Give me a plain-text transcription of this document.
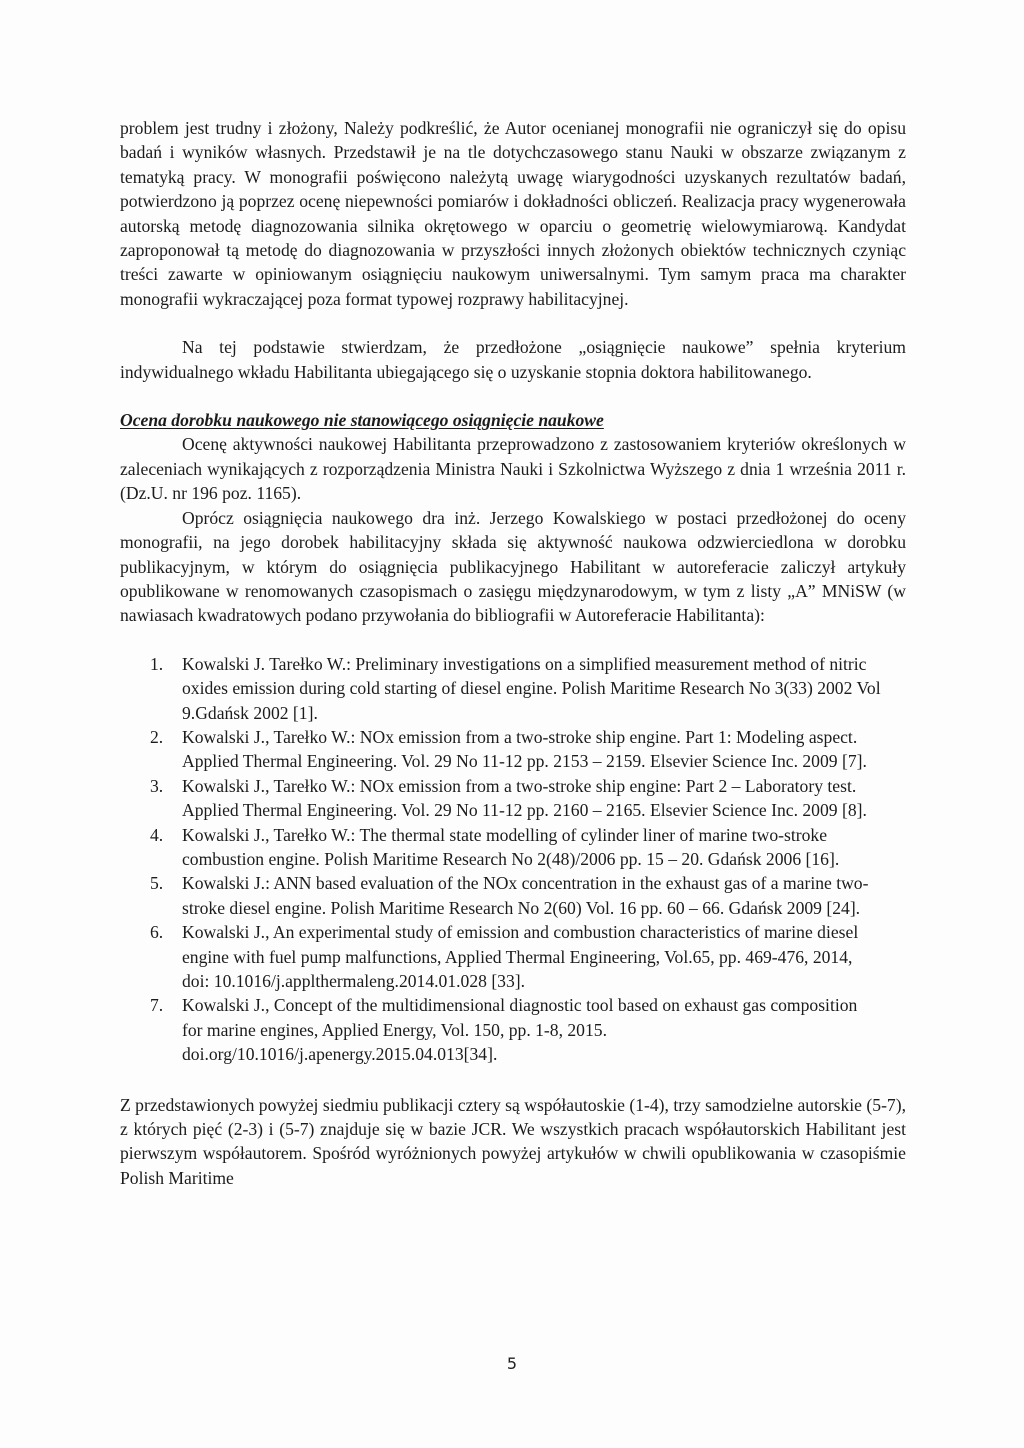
problem jest trudny i złożony, Należy podkreślić, że Autor ocenianej monografii nie ograniczył się do opisu badań i wyników własnych. Przedstawił je na tle dotychczasowego stanu Nauki w obszarze związanym z tematyką pracy. W monografii poświęcono należytą uwagę wiarygodności uzyskanych rezultatów badań, potwierdzono ją poprzez ocenę niepewności pomiarów i dokładności obliczeń. Realizacja pracy wygenerowała autorską metodę diagnozowania silnika okrętowego w oparciu o geometrię wielowymiarową. Kandydat zaproponował tą metodę do diagnozowania w przyszłości innych złożonych obiektów technicznych czyniąc treści zawarte w opiniowanym osiągnięciu naukowym uniwersalnymi. Tym samym praca ma charakter monografii wykraczającej poza format typowej rozprawy habilitacyjnej.

Na tej podstawie stwierdzam, że przedłożone „osiągnięcie naukowe” spełnia kryterium indywidualnego wkładu Habilitanta ubiegającego się o uzyskanie stopnia doktora habilitowanego.

Ocena dorobku naukowego nie stanowiącego osiągnięcie naukowe

Ocenę aktywności naukowej Habilitanta przeprowadzono z zastosowaniem kryteriów określonych w zaleceniach wynikających z rozporządzenia Ministra Nauki i Szkolnictwa Wyższego z dnia 1 września 2011 r. (Dz.U. nr 196 poz. 1165).

Oprócz osiągnięcia naukowego dra inż. Jerzego Kowalskiego w postaci przedłożonej do oceny monografii, na jego dorobek habilitacyjny składa się aktywność naukowa odzwierciedlona w dorobku publikacyjnym, w którym do osiągnięcia publikacyjnego Habilitant w autoreferacie zaliczył artykuły opublikowane w renomowanych czasopismach o zasięgu międzynarodowym, w tym z listy „A” MNiSW (w nawiasach kwadratowych podano przywołania do bibliografii w Autoreferacie Habilitanta):

1. Kowalski J. Tarełko W.: Preliminary investigations on a simplified measurement method of nitric oxides emission during cold starting of diesel engine. Polish Maritime Research No 3(33) 2002 Vol 9.Gdańsk 2002 [1].
2. Kowalski J., Tarełko W.: NOx emission from a two-stroke ship engine. Part 1: Modeling aspect. Applied Thermal Engineering. Vol. 29 No 11-12 pp. 2153 – 2159. Elsevier Science Inc. 2009 [7].
3. Kowalski J., Tarełko W.: NOx emission from a two-stroke ship engine: Part 2 – Laboratory test. Applied Thermal Engineering. Vol. 29 No 11-12 pp. 2160 – 2165. Elsevier Science Inc. 2009 [8].
4. Kowalski J., Tarełko W.: The thermal state modelling of cylinder liner of marine two-stroke combustion engine. Polish Maritime Research No 2(48)/2006 pp. 15 – 20. Gdańsk 2006 [16].
5. Kowalski J.: ANN based evaluation of the NOx concentration in the exhaust gas of a marine two-stroke diesel engine. Polish Maritime Research No 2(60) Vol. 16 pp. 60 – 66. Gdańsk 2009 [24].
6. Kowalski J., An experimental study of emission and combustion characteristics of marine diesel engine with fuel pump malfunctions, Applied Thermal Engineering, Vol.65, pp. 469-476, 2014, doi: 10.1016/j.applthermaleng.2014.01.028 [33].
7. Kowalski J., Concept of the multidimensional diagnostic tool based on exhaust gas composition for marine engines, Applied Energy, Vol. 150, pp. 1-8, 2015. doi.org/10.1016/j.apenergy.2015.04.013[34].

Z przedstawionych powyżej siedmiu publikacji cztery są współautoskie (1-4), trzy samodzielne autorskie (5-7), z których pięć (2-3) i (5-7) znajduje się w bazie JCR. We wszystkich pracach współautorskich Habilitant jest pierwszym współautorem. Spośród wyróżnionych powyżej artykułów w chwili opublikowania w czasopiśmie Polish Maritime

5
